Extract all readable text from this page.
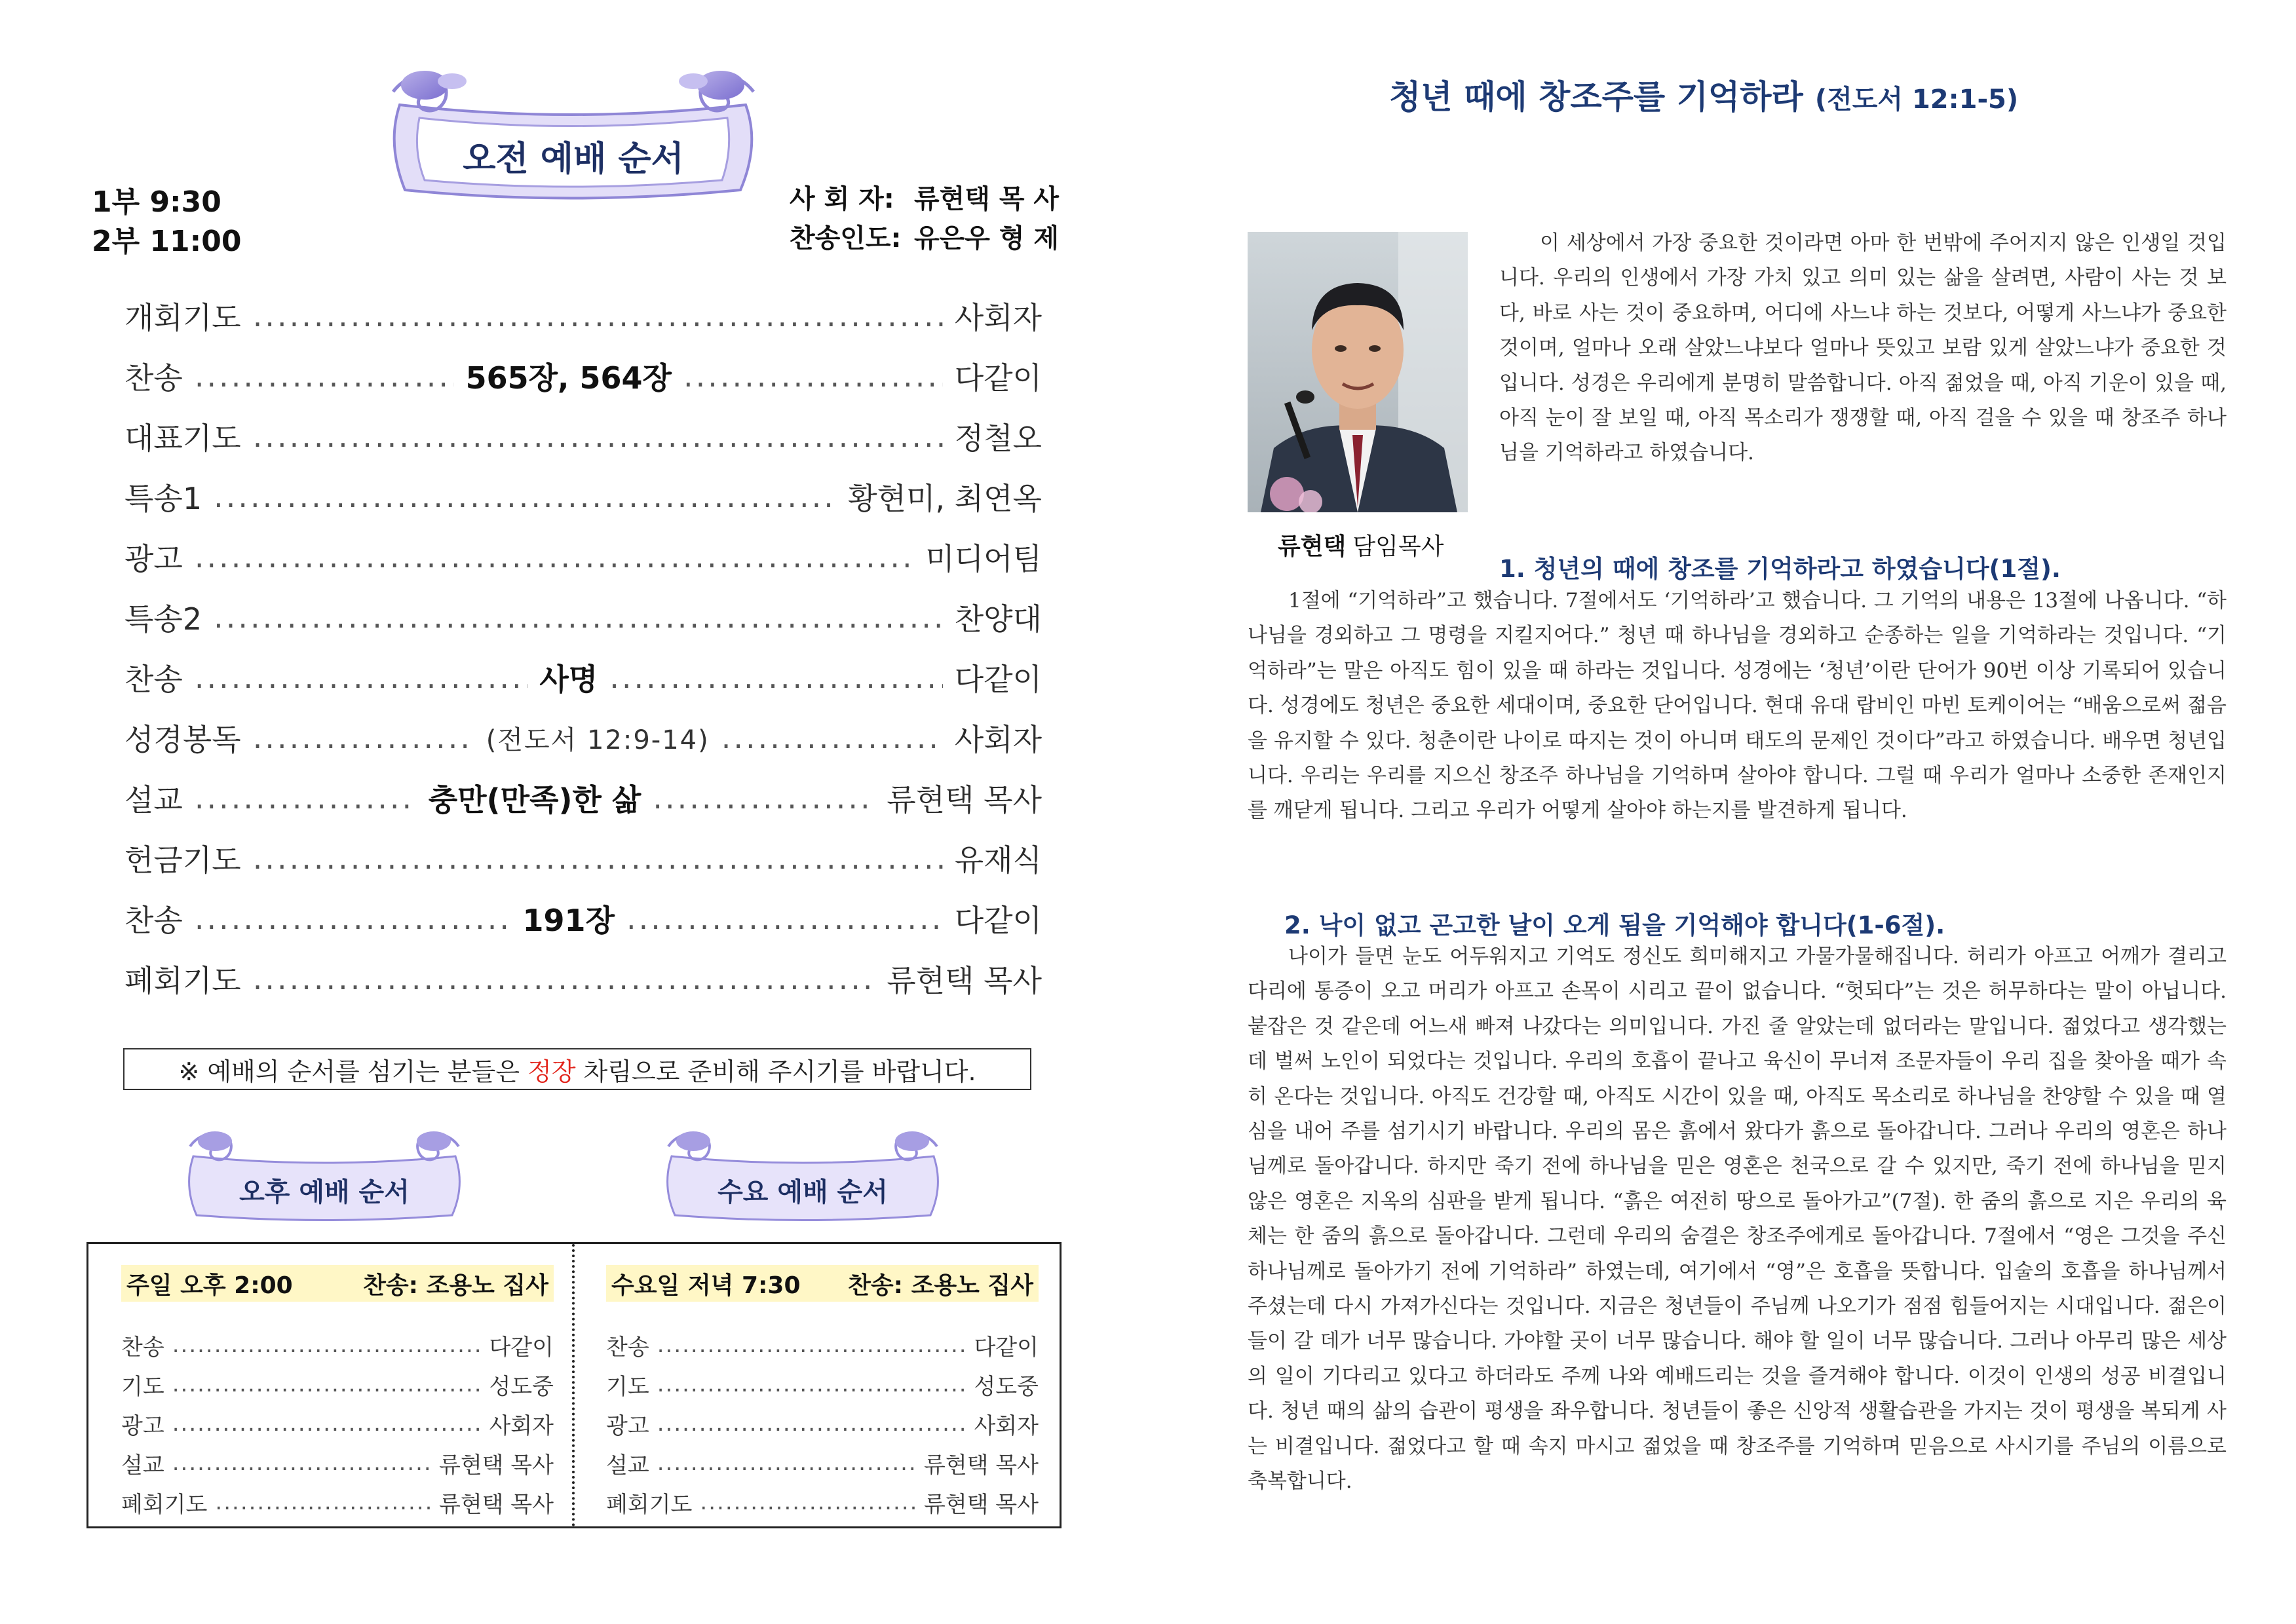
오전 예배 순서
1부 9:30
2부 11:00
사 회 자: 류현택 목 사
찬송인도: 유은우 형 제
개회기도 .....	사회자
찬송 .....	565장, 564장 .....	다같이
대표기도 .....	정철오
특송1 .....	황현미, 최연옥
광고 .....	미디어팀
특송2 .....	찬양대
찬송 .....	사명 .....	다같이
성경봉독 .....	(전도서 12:9-14) .....	사회자
설교 .....	충만(만족)한 삶 .....	류현택 목사
헌금기도 .....	유재식
찬송 .....	191장 .....	다같이
폐회기도 .....	류현택 목사
※ 예배의 순서를 섬기는 분들은 정장 차림으로 준비해 주시기를 바랍니다.
오후 예배 순서	수요 예배 순서
주일 오후 2:00	찬송: 조용노 집사
찬송 .....	다같이
기도 .....	성도중
광고 .....	사회자
설교 .....	류현택 목사
폐회기도 .....	류현택 목사
수요일 저녁 7:30 찬송: 조용노 집사
찬송 .....	다같이
기도 .....	성도중
광고 .....	사회자
설교 .....	류현택 목사
폐회기도 .....	류현택 목사
청년 때에 창조주를 기억하라 (전도서 12:1-5)
류현택 담임목사

이 세상에서 가장 중요한 것이라면 아마 한 번밖에 주어지지 않은 인생일 것입니다. 우리의 인생에서 가장 가치 있고 의미 있는 삶을 살려면, 사람이 사는 것 보다, 바로 사는 것이 중요하며, 어디에 사느냐 하는 것보다, 어떻게 사느냐가 중요한 것이며, 얼마나 오래 살았느냐보다 얼마나 뜻있고 보람 있게 살았느냐가 중요한 것입니다. 성경은 우리에게 분명히 말씀합니다. 아직 젊었을 때, 아직 기운이 있을 때, 아직 눈이 잘 보일 때, 아직 목소리가 쟁쟁할 때, 아직 걸을 수 있을 때 창조주 하나님을 기억하라고 하였습니다.

1. 청년의 때에 창조를 기억하라고 하였습니다(1절).

1절에 “기억하라”고 했습니다. 7절에서도 ‘기억하라’고 했습니다. 그 기억의 내용은 13절에 나옵니다. “하나님을 경외하고 그 명령을 지킬지어다.” 청년 때 하나님을 경외하고 순종하는 일을 기억하라는 것입니다. “기억하라”는 말은 아직도 힘이 있을 때 하라는 것입니다. 성경에는 ‘청년’이란 단어가 90번 이상 기록되어 있습니다. 성경에도 청년은 중요한 세대이며, 중요한 단어입니다. 현대 유대 랍비인 마빈 토케이어는 “배움으로써 젊음을 유지할 수 있다. 청춘이란 나이로 따지는 것이 아니며 태도의 문제인 것이다”라고 하였습니다. 배우면 청년입니다. 우리는 우리를 지으신 창조주 하나님을 기억하며 살아야 합니다. 그럴 때 우리가 얼마나 소중한 존재인지를 깨닫게 됩니다. 그리고 우리가 어떻게 살아야 하는지를 발견하게 됩니다.

2. 낙이 없고 곤고한 날이 오게 됨을 기억해야 합니다(1-6절).

나이가 들면 눈도 어두워지고 기억도 정신도 희미해지고 가물가물해집니다. 허리가 아프고 어깨가 결리고 다리에 통증이 오고 머리가 아프고 손목이 시리고 끝이 없습니다. “헛되다”는 것은 허무하다는 말이 아닙니다. 붙잡은 것 같은데 어느새 빠져 나갔다는 의미입니다. 가진 줄 알았는데 없더라는 말입니다. 젊었다고 생각했는데 벌써 노인이 되었다는 것입니다. 우리의 호흡이 끝나고 육신이 무너져 조문자들이 우리 집을 찾아올 때가 속히 온다는 것입니다. 아직도 건강할 때, 아직도 시간이 있을 때, 아직도 목소리로 하나님을 찬양할 수 있을 때 열심을 내어 주를 섬기시기 바랍니다. 우리의 몸은 흙에서 왔다가 흙으로 돌아갑니다. 그러나 우리의 영혼은 하나님께로 돌아갑니다. 하지만 죽기 전에 하나님을 믿은 영혼은 천국으로 갈 수 있지만, 죽기 전에 하나님을 믿지 않은 영혼은 지옥의 심판을 받게 됩니다. “흙은 여전히 땅으로 돌아가고”(7절). 한 줌의 흙으로 지은 우리의 육체는 한 줌의 흙으로 돌아갑니다. 그런데 우리의 숨결은 창조주에게로 돌아갑니다. 7절에서 “영은 그것을 주신 하나님께로 돌아가기 전에 기억하라” 하였는데, 여기에서 “영”은 호흡을 뜻합니다. 입술의 호흡을 하나님께서 주셨는데 다시 가져가신다는 것입니다. 지금은 청년들이 주님께 나오기가 점점 힘들어지는 시대입니다. 젊은이들이 갈 데가 너무 많습니다. 가야할 곳이 너무 많습니다. 해야 할 일이 너무 많습니다. 그러나 아무리 많은 세상의 일이 기다리고 있다고 하더라도 주께 나와 예배드리는 것을 즐겨해야 합니다. 이것이 인생의 성공 비결입니다. 청년 때의 삶의 습관이 평생을 좌우합니다. 청년들이 좋은 신앙적 생활습관을 가지는 것이 평생을 복되게 사는 비결입니다. 젊었다고 할 때 속지 마시고 젊었을 때 창조주를 기억하며 믿음으로 사시기를 주님의 이름으로 축복합니다.
